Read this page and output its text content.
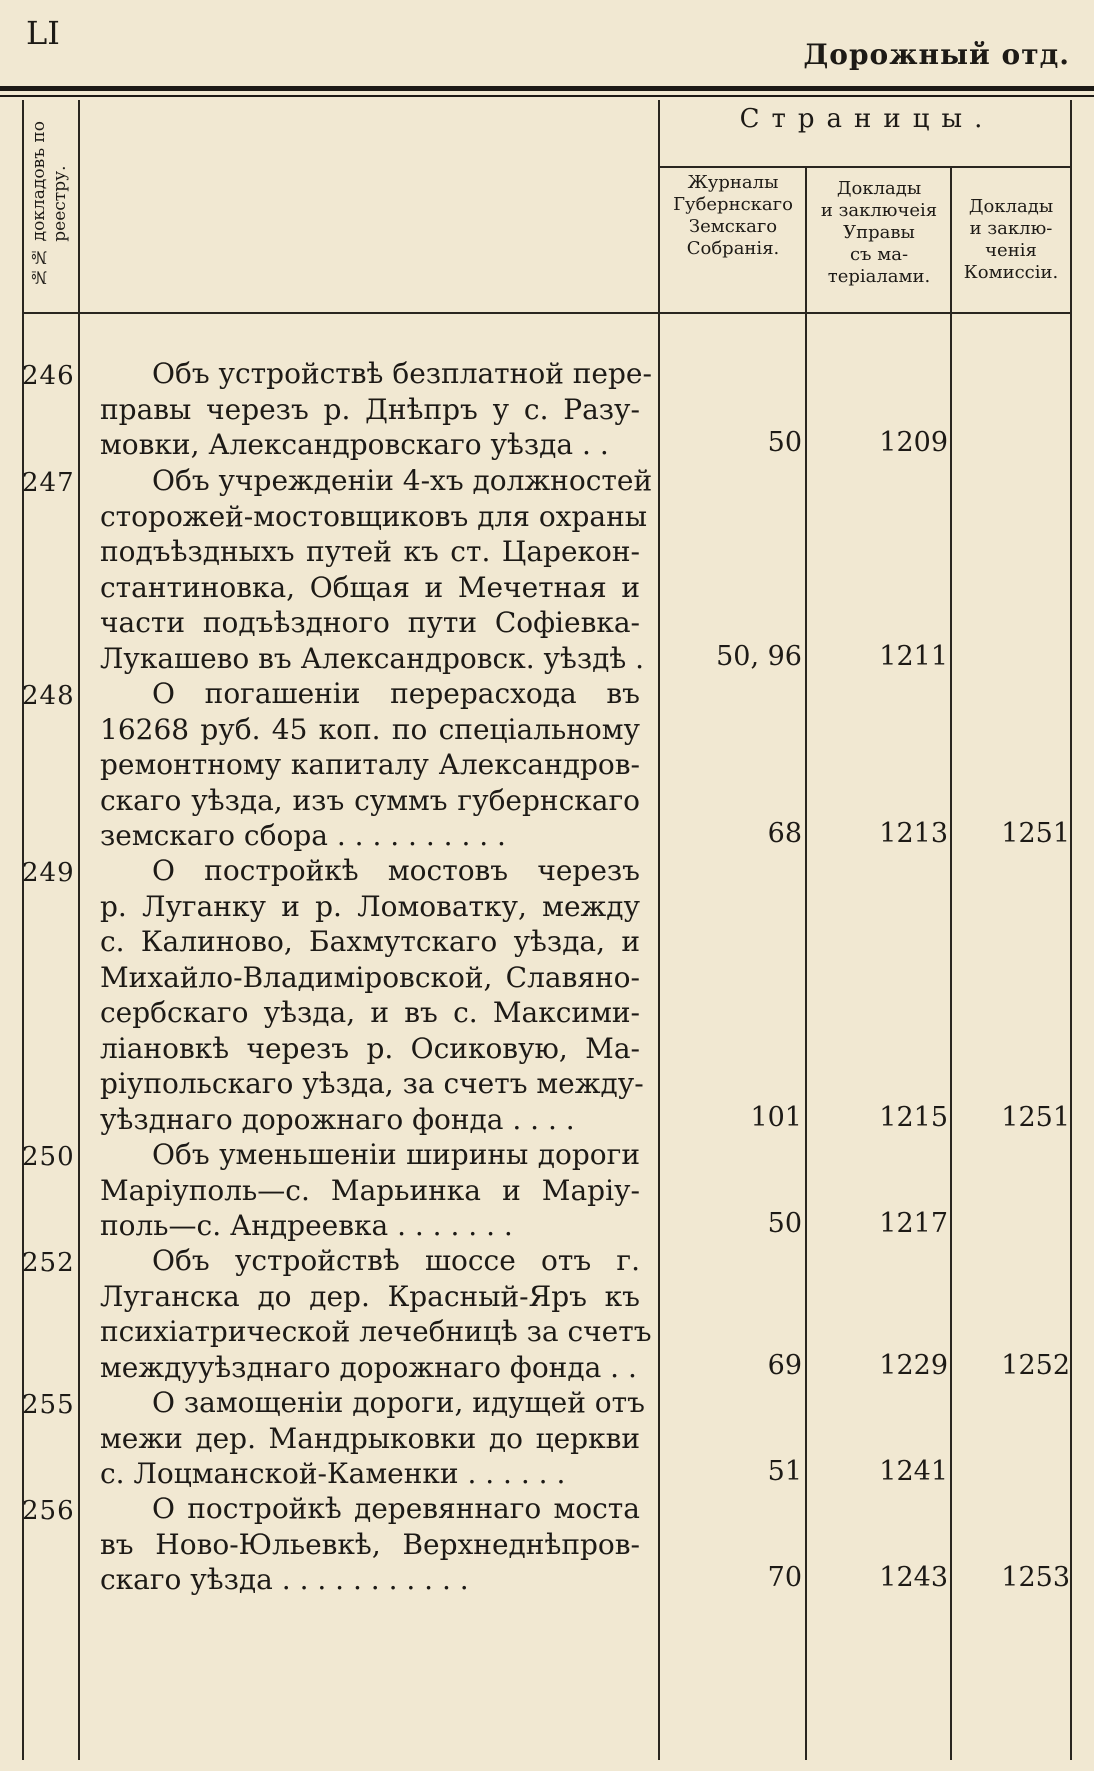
LI
Дорожный отд.
№№ докладовъ по
реестру.
Страницы.
Журналы
Губернскаго
Земскаго
Собранія.
Доклады
и заключеія
Управы
съ ма-
теріалами.
Доклады
и заклю-
ченія
Комиссіи.
246	Объ устройствѣ безплатной пере-
правы черезъ р. Днѣпръ у с. Разу-
мовки, Александровскаго уѣзда . .	50	1209
247	Объ учрежденіи 4-хъ должностей
сторожей-мостовщиковъ для охраны
подъѣздныхъ путей къ ст. Царекон-
стантиновка, Общая и Мечетная и
части подъѣздного пути Софіевка-
Лукашево въ Александровск. уѣздѣ .	50, 96	1211
248	О погашеніи перерасхода въ
16268 руб. 45 коп. по спеціальному
ремонтному капиталу Александров-
скаго уѣзда, изъ суммъ губернскаго
земскаго сбора . . . . . . . . . .	68	1213	1251
249	О постройкѣ мостовъ черезъ
р. Луганку и р. Ломоватку, между
с. Калиново, Бахмутскаго уѣзда, и
Михайло-Владиміровской, Славяно-
сербскаго уѣзда, и въ с. Максими-
ліановкѣ черезъ р. Осиковую, Ма-
ріупольскаго уѣзда, за счетъ между-
уѣзднаго дорожнаго фонда . . . .	101	1215	1251
250	Объ уменьшеніи ширины дороги
Маріуполь—с. Марьинка и Маріу-
поль—с. Андреевка . . . . . . .	50	1217
252	Объ устройствѣ шоссе отъ г.
Луганска до дер. Красный-Яръ къ
психіатрической лечебницѣ за счетъ
междууѣзднаго дорожнаго фонда . .	69	1229	1252
255	О замощеніи дороги, идущей отъ
межи дер. Мандрыковки до церкви
с. Лоцманской-Каменки . . . . . .	51	1241
256	О постройкѣ деревяннаго моста
въ Ново-Юльевкѣ, Верхнеднѣпров-
скаго уѣзда . . . . . . . . . . .	70	1243	1253
